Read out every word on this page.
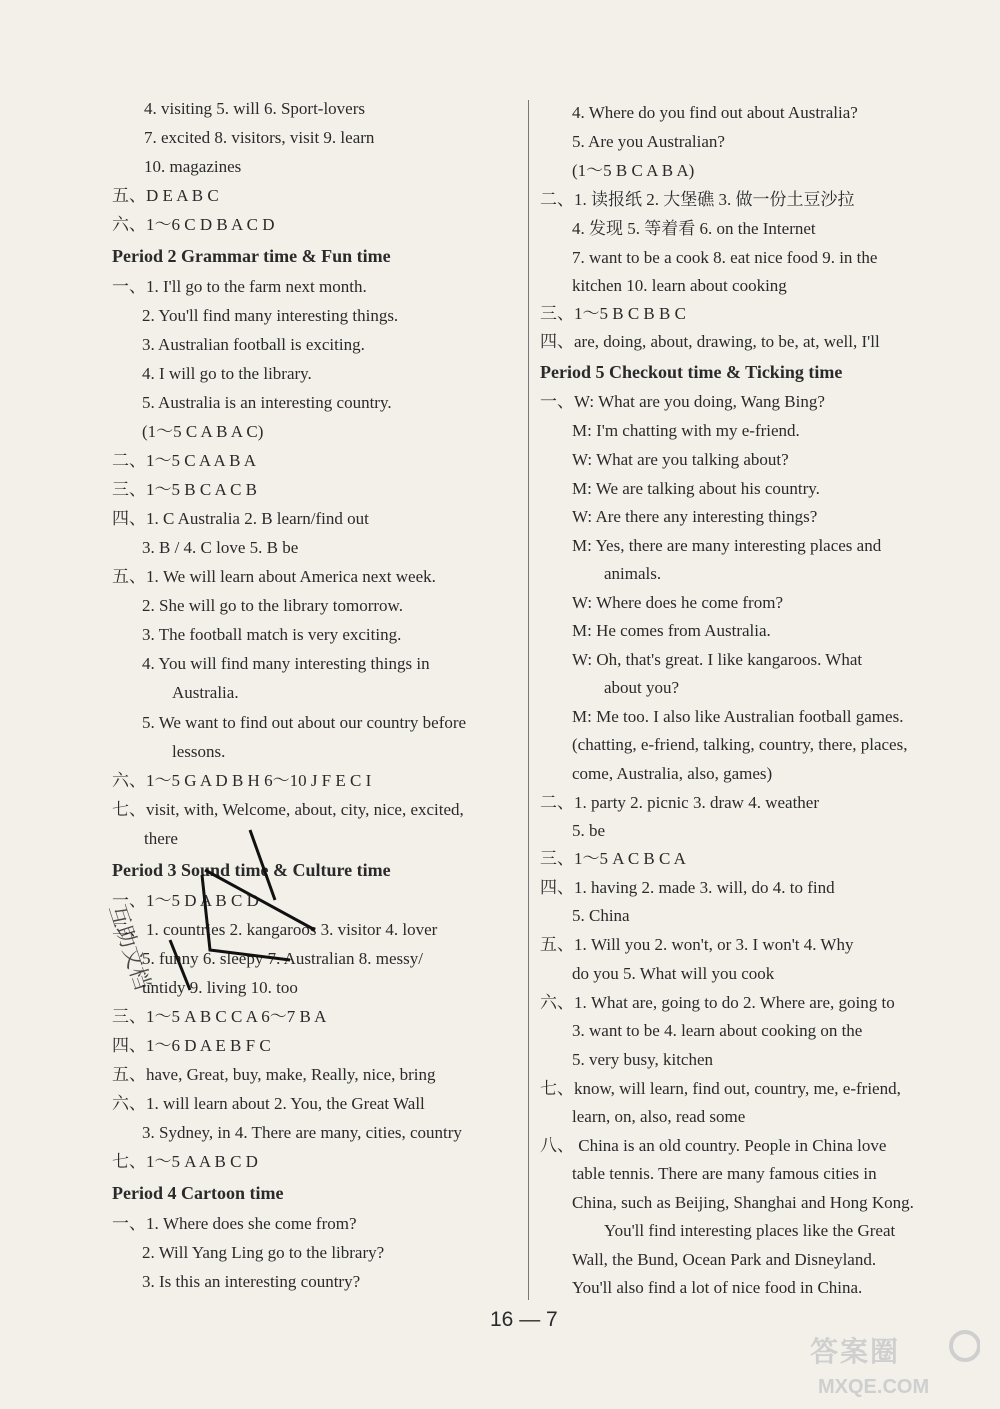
4. visiting 5. will 6. Sport-lovers
7. excited 8. visitors, visit 9. learn
10. magazines
五、D E A B C
六、1～6 C D B A C D
Period 2 Grammar time & Fun time
一、1. I'll go to the farm next month.
2. You'll find many interesting things.
3. Australian football is exciting.
4. I will go to the library.
5. Australia is an interesting country.
(1～5 C A B A C)
二、1～5 C A A B A
三、1～5 B C A C B
四、1. C Australia 2. B learn/find out
3. B / 4. C love 5. B be
五、1. We will learn about America next week.
2. She will go to the library tomorrow.
3. The football match is very exciting.
4. You will find many interesting things in
Australia.
5. We want to find out about our country before
lessons.
六、1～5 G A D B H 6～10 J F E C I
七、visit, with, Welcome, about, city, nice, excited,
there
Period 3 Sound time & Culture time
一、1～5 D A B C D
二、1. countries 2. kangaroos 3. visitor 4. lover
5. funny 6. sleepy 7. Australian 8. messy/
untidy 9. living 10. too
三、1～5 A B C C A 6～7 B A
四、1～6 D A E B F C
五、have, Great, buy, make, Really, nice, bring
六、1. will learn about 2. You, the Great Wall
3. Sydney, in 4. There are many, cities, country
七、1～5 A A B C D
Period 4 Cartoon time
一、1. Where does she come from?
2. Will Yang Ling go to the library?
3. Is this an interesting country?
4. Where do you find out about Australia?
5. Are you Australian?
(1～5 B C A B A)
二、1. 读报纸 2. 大堡礁 3. 做一份土豆沙拉
4. 发现 5. 等着看 6. on the Internet
7. want to be a cook 8. eat nice food 9. in the
kitchen 10. learn about cooking
三、1～5 B C B B C
四、are, doing, about, drawing, to be, at, well, I'll
Period 5 Checkout time & Ticking time
一、W: What are you doing, Wang Bing?
M: I'm chatting with my e-friend.
W: What are you talking about?
M: We are talking about his country.
W: Are there any interesting things?
M: Yes, there are many interesting places and
animals.
W: Where does he come from?
M: He comes from Australia.
W: Oh, that's great. I like kangaroos. What
about you?
M: Me too. I also like Australian football games.
(chatting, e-friend, talking, country, there, places,
come, Australia, also, games)
二、1. party 2. picnic 3. draw 4. weather
5. be
三、1～5 A C B C A
四、1. having 2. made 3. will, do 4. to find
5. China
五、1. Will you 2. won't, or 3. I won't 4. Why
do you 5. What will you cook
六、1. What are, going to do 2. Where are, going to
3. want to be 4. learn about cooking on the
5. very busy, kitchen
七、know, will learn, find out, country, me, e-friend,
learn, on, also, read some
八、 China is an old country. People in China love
table tennis. There are many famous cities in
China, such as Beijing, Shanghai and Hong Kong.
You'll find interesting places like the Great
Wall, the Bund, Ocean Park and Disneyland.
You'll also find a lot of nice food in China.
互助文档
16 — 7
答案圈
MXQE.COM
